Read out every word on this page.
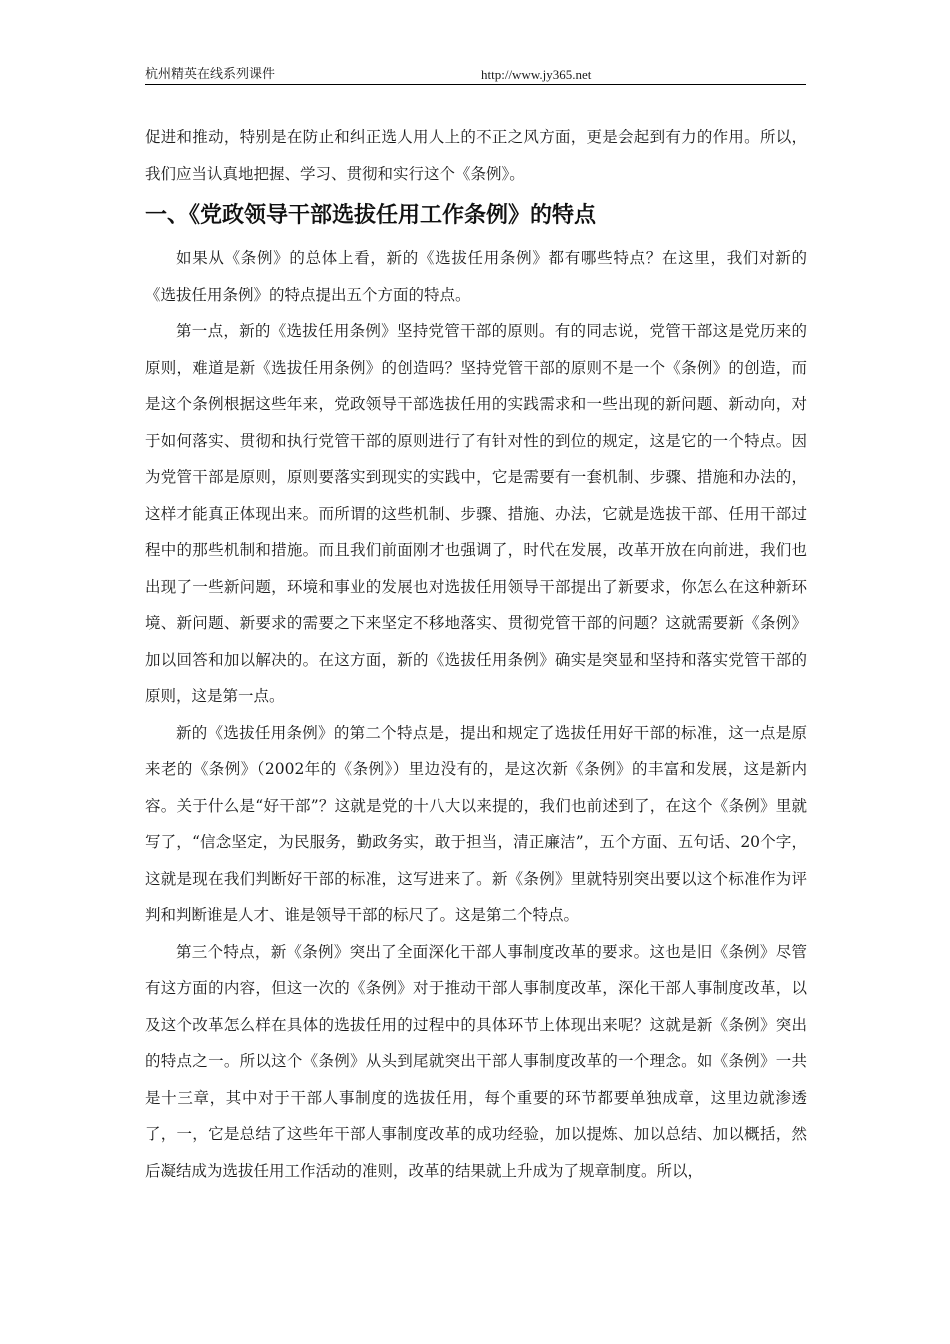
杭州精英在线系列课件	http://www.jy365.net

促进和推动，特别是在防止和纠正选人用人上的不正之风方面，更是会起到有力的作用。所以，我们应当认真地把握、学习、贯彻和实行这个《条例》。

一、《党政领导干部选拔任用工作条例》的特点

如果从《条例》的总体上看，新的《选拔任用条例》都有哪些特点？在这里，我们对新的《选拔任用条例》的特点提出五个方面的特点。

第一点，新的《选拔任用条例》坚持党管干部的原则。有的同志说，党管干部这是党历来的原则，难道是新《选拔任用条例》的创造吗？坚持党管干部的原则不是一个《条例》的创造，而是这个条例根据这些年来，党政领导干部选拔任用的实践需求和一些出现的新问题、新动向，对于如何落实、贯彻和执行党管干部的原则进行了有针对性的到位的规定，这是它的一个特点。因为党管干部是原则，原则要落实到现实的实践中，它是需要有一套机制、步骤、措施和办法的，这样才能真正体现出来。而所谓的这些机制、步骤、措施、办法，它就是选拔干部、任用干部过程中的那些机制和措施。而且我们前面刚才也强调了，时代在发展，改革开放在向前进，我们也出现了一些新问题，环境和事业的发展也对选拔任用领导干部提出了新要求，你怎么在这种新环境、新问题、新要求的需要之下来坚定不移地落实、贯彻党管干部的问题？这就需要新《条例》加以回答和加以解决的。在这方面，新的《选拔任用条例》确实是突显和坚持和落实党管干部的原则，这是第一点。

新的《选拔任用条例》的第二个特点是，提出和规定了选拔任用好干部的标准，这一点是原来老的《条例》（2002年的《条例》）里边没有的，是这次新《条例》的丰富和发展，这是新内容。关于什么是“好干部”？这就是党的十八大以来提的，我们也前述到了，在这个《条例》里就写了，“信念坚定，为民服务，勤政务实，敢于担当，清正廉洁”，五个方面、五句话、20个字，这就是现在我们判断好干部的标准，这写进来了。新《条例》里就特别突出要以这个标准作为评判和判断谁是人才、谁是领导干部的标尺了。这是第二个特点。

第三个特点，新《条例》突出了全面深化干部人事制度改革的要求。这也是旧《条例》尽管有这方面的内容，但这一次的《条例》对于推动干部人事制度改革，深化干部人事制度改革，以及这个改革怎么样在具体的选拔任用的过程中的具体环节上体现出来呢？这就是新《条例》突出的特点之一。所以这个《条例》从头到尾就突出干部人事制度改革的一个理念。如《条例》一共是十三章，其中对于干部人事制度的选拔任用，每个重要的环节都要单独成章，这里边就渗透了，一，它是总结了这些年干部人事制度改革的成功经验，加以提炼、加以总结、加以概括，然后凝结成为选拔任用工作活动的准则，改革的结果就上升成为了规章制度。所以，
